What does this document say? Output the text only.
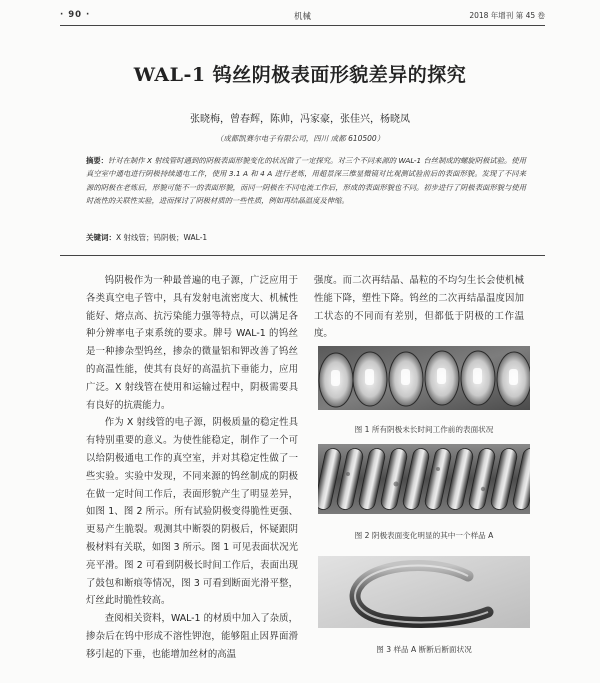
· 90 ·	机械	2018 年增刊 第 45 卷
WAL-1 钨丝阴极表面形貌差异的探究
张晓梅，曾春辉，陈帅，冯家豪，张佳兴，杨晓凤
（成都凯赛尔电子有限公司，四川 成都 610500）
摘要：针对在制作 X 射线管时遇到的阴极表面形貌变化的状况做了一定探究。对三个不同来源的 WAL-1 台丝制成的螺旋阴极试验。使用真空室中通电进行阴极持续通电工作，使用 3.1 A 和 4 A 进行老炼，用超景深三维显微镜对比观测试验前后的表面形貌。发现了不同来源的阴极在老炼后，形貌可能不一的表面形貌，而同一阴极在不同电流工作后，形成的表面形貌也不同。初步进行了阴极表面形貌与使用时流性的关联性实验，进而探讨了阴极材质的一些性质，例如再结晶温度及伸缩。
关键词：X 射线管；钨阴极；WAL-1

钨阴极作为一种最普遍的电子源，广泛应用于各类真空电子管中，具有发射电流密度大、机械性能好、熔点高、抗污染能力强等特点，可以满足各种分辨率电子束系统的要求。牌号 WAL-1 的钨丝是一种掺杂型钨丝，掺杂的微量铝和钾改善了钨丝的高温性能，使其有良好的高温抗下垂能力，应用广泛。X 射线管在使用和运输过程中，阴极需要具有良好的抗震能力。

作为 X 射线管的电子源，阴极质量的稳定性具有特别重要的意义。为使性能稳定，制作了一个可以给阴极通电工作的真空室，并对其稳定性做了一些实验。实验中发现，不同来源的钨丝制成的阴极在做一定时间工作后，表面形貌产生了明显差异，如图 1、图 2 所示。所有试验阴极变得脆性更强、更易产生脆裂。观测其中断裂的阴极后，怀疑跟阴极材料有关联，如图 3 所示。图 1 可见表面状况光亮平滑。图 2 可看到阴极长时间工作后，表面出现了鼓包和断痕等情况，图 3 可看到断面光滑平整，灯丝此时脆性较高。

查阅相关资料，WAL-1 的材质中加入了杂质，掺杂后在钨中形成不溶性钾泡，能够阻止因界面滑移引起的下垂，也能增加丝材的高温

强度。而二次再结晶、晶粒的不均匀生长会使机械性能下降，塑性下降。钨丝的二次再结晶温度因加工状态的不同而有差别，但都低于阴极的工作温度。

图 1 所有阴极未长时间工作前的表面状况
图 2 阴极表面变化明显的其中一个样品 A
图 3 样品 A 断断后断面状况
